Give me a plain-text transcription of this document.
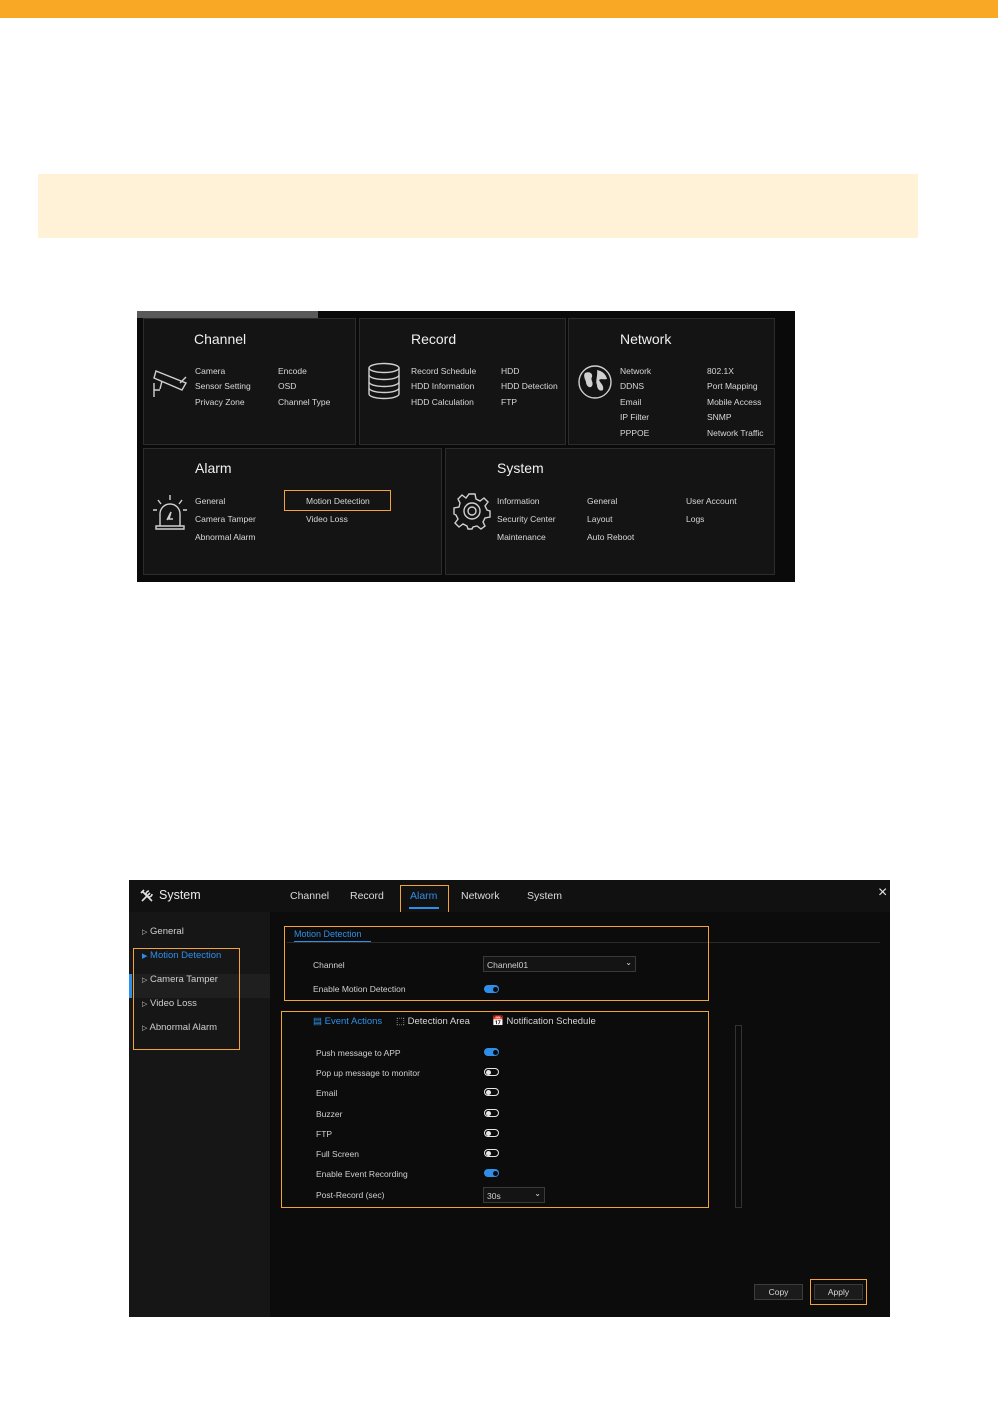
Channel
Camera
Sensor Setting
Privacy Zone
Encode
OSD
Channel Type
Record
Record Schedule
HDD Information
HDD Calculation
HDD
HDD Detection
FTP
Network
Network
DDNS
Email
IP Filter
PPPOE
802.1X
Port Mapping
Mobile Access
SNMP
Network Traffic
Alarm
General
Camera Tamper
Abnormal Alarm
Motion Detection
Video Loss
System
Information
Security Center
Maintenance
General
Layout
Auto Reboot
User Account
Logs
System	Channel Record Alarm Network	System	×
▷ General
▶ Motion Detection
▷ Camera Tamper
▷ Video Loss
▷ Abnormal Alarm
Motion Detection
Channel	Channel01	⌄
Enable Motion Detection
▤ Event Actions ⬚ Detection Area 📅 Notification Schedule
Push message to APP
Pop up message to monitor
Email
Buzzer
FTP
Full Screen
Enable Event Recording
Post-Record (sec)	30s	⌄
Copy	Apply
